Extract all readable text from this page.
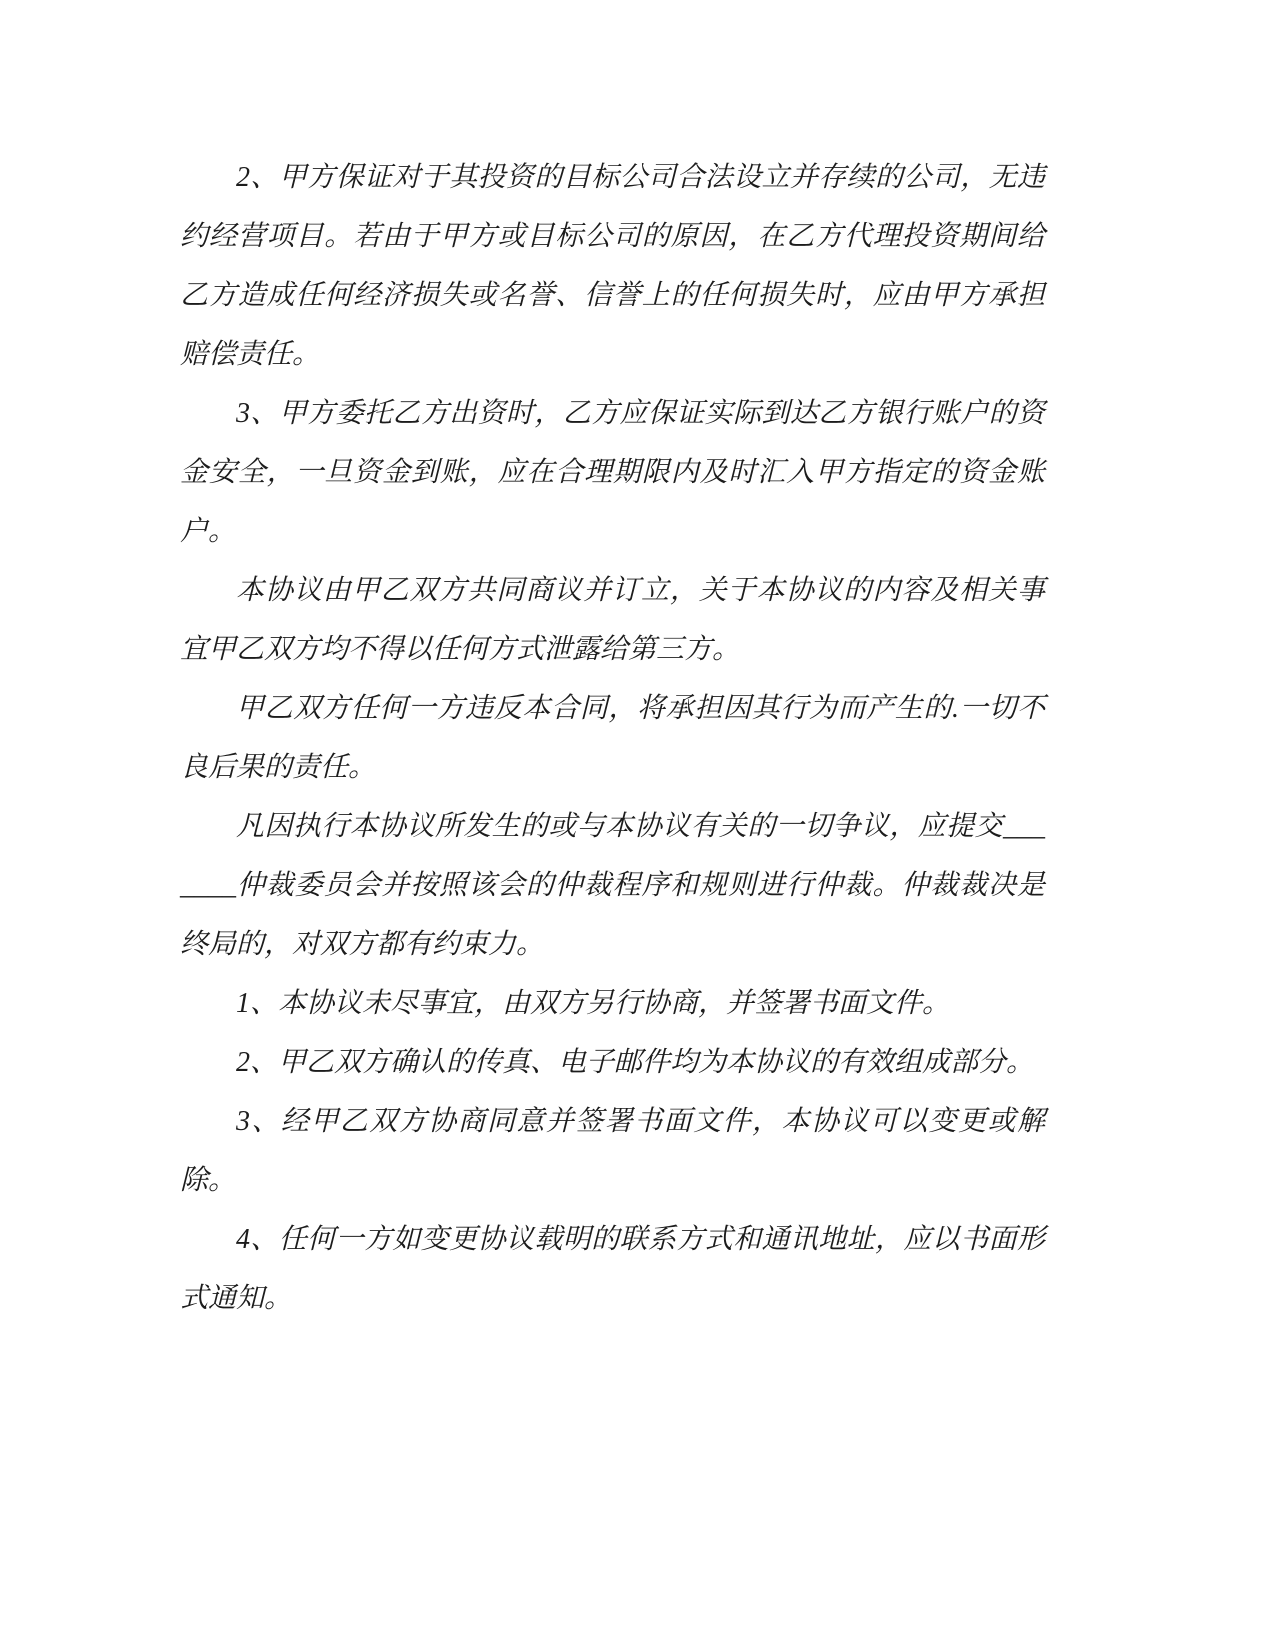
2、甲方保证对于其投资的目标公司合法设立并存续的公司，无违约经营项目。若由于甲方或目标公司的原因，在乙方代理投资期间给乙方造成任何经济损失或名誉、信誉上的任何损失时，应由甲方承担赔偿责任。

3、甲方委托乙方出资时，乙方应保证实际到达乙方银行账户的资金安全，一旦资金到账，应在合理期限内及时汇入甲方指定的资金账户。

本协议由甲乙双方共同商议并订立，关于本协议的内容及相关事宜甲乙双方均不得以任何方式泄露给第三方。

甲乙双方任何一方违反本合同，将承担因其行为而产生的.一切不良后果的责任。

凡因执行本协议所发生的或与本协议有关的一切争议，应提交_______仲裁委员会并按照该会的仲裁程序和规则进行仲裁。仲裁裁决是终局的，对双方都有约束力。

1、本协议未尽事宜，由双方另行协商，并签署书面文件。

2、甲乙双方确认的传真、电子邮件均为本协议的有效组成部分。

3、经甲乙双方协商同意并签署书面文件，本协议可以变更或解除。

4、任何一方如变更协议载明的联系方式和通讯地址，应以书面形式通知。
